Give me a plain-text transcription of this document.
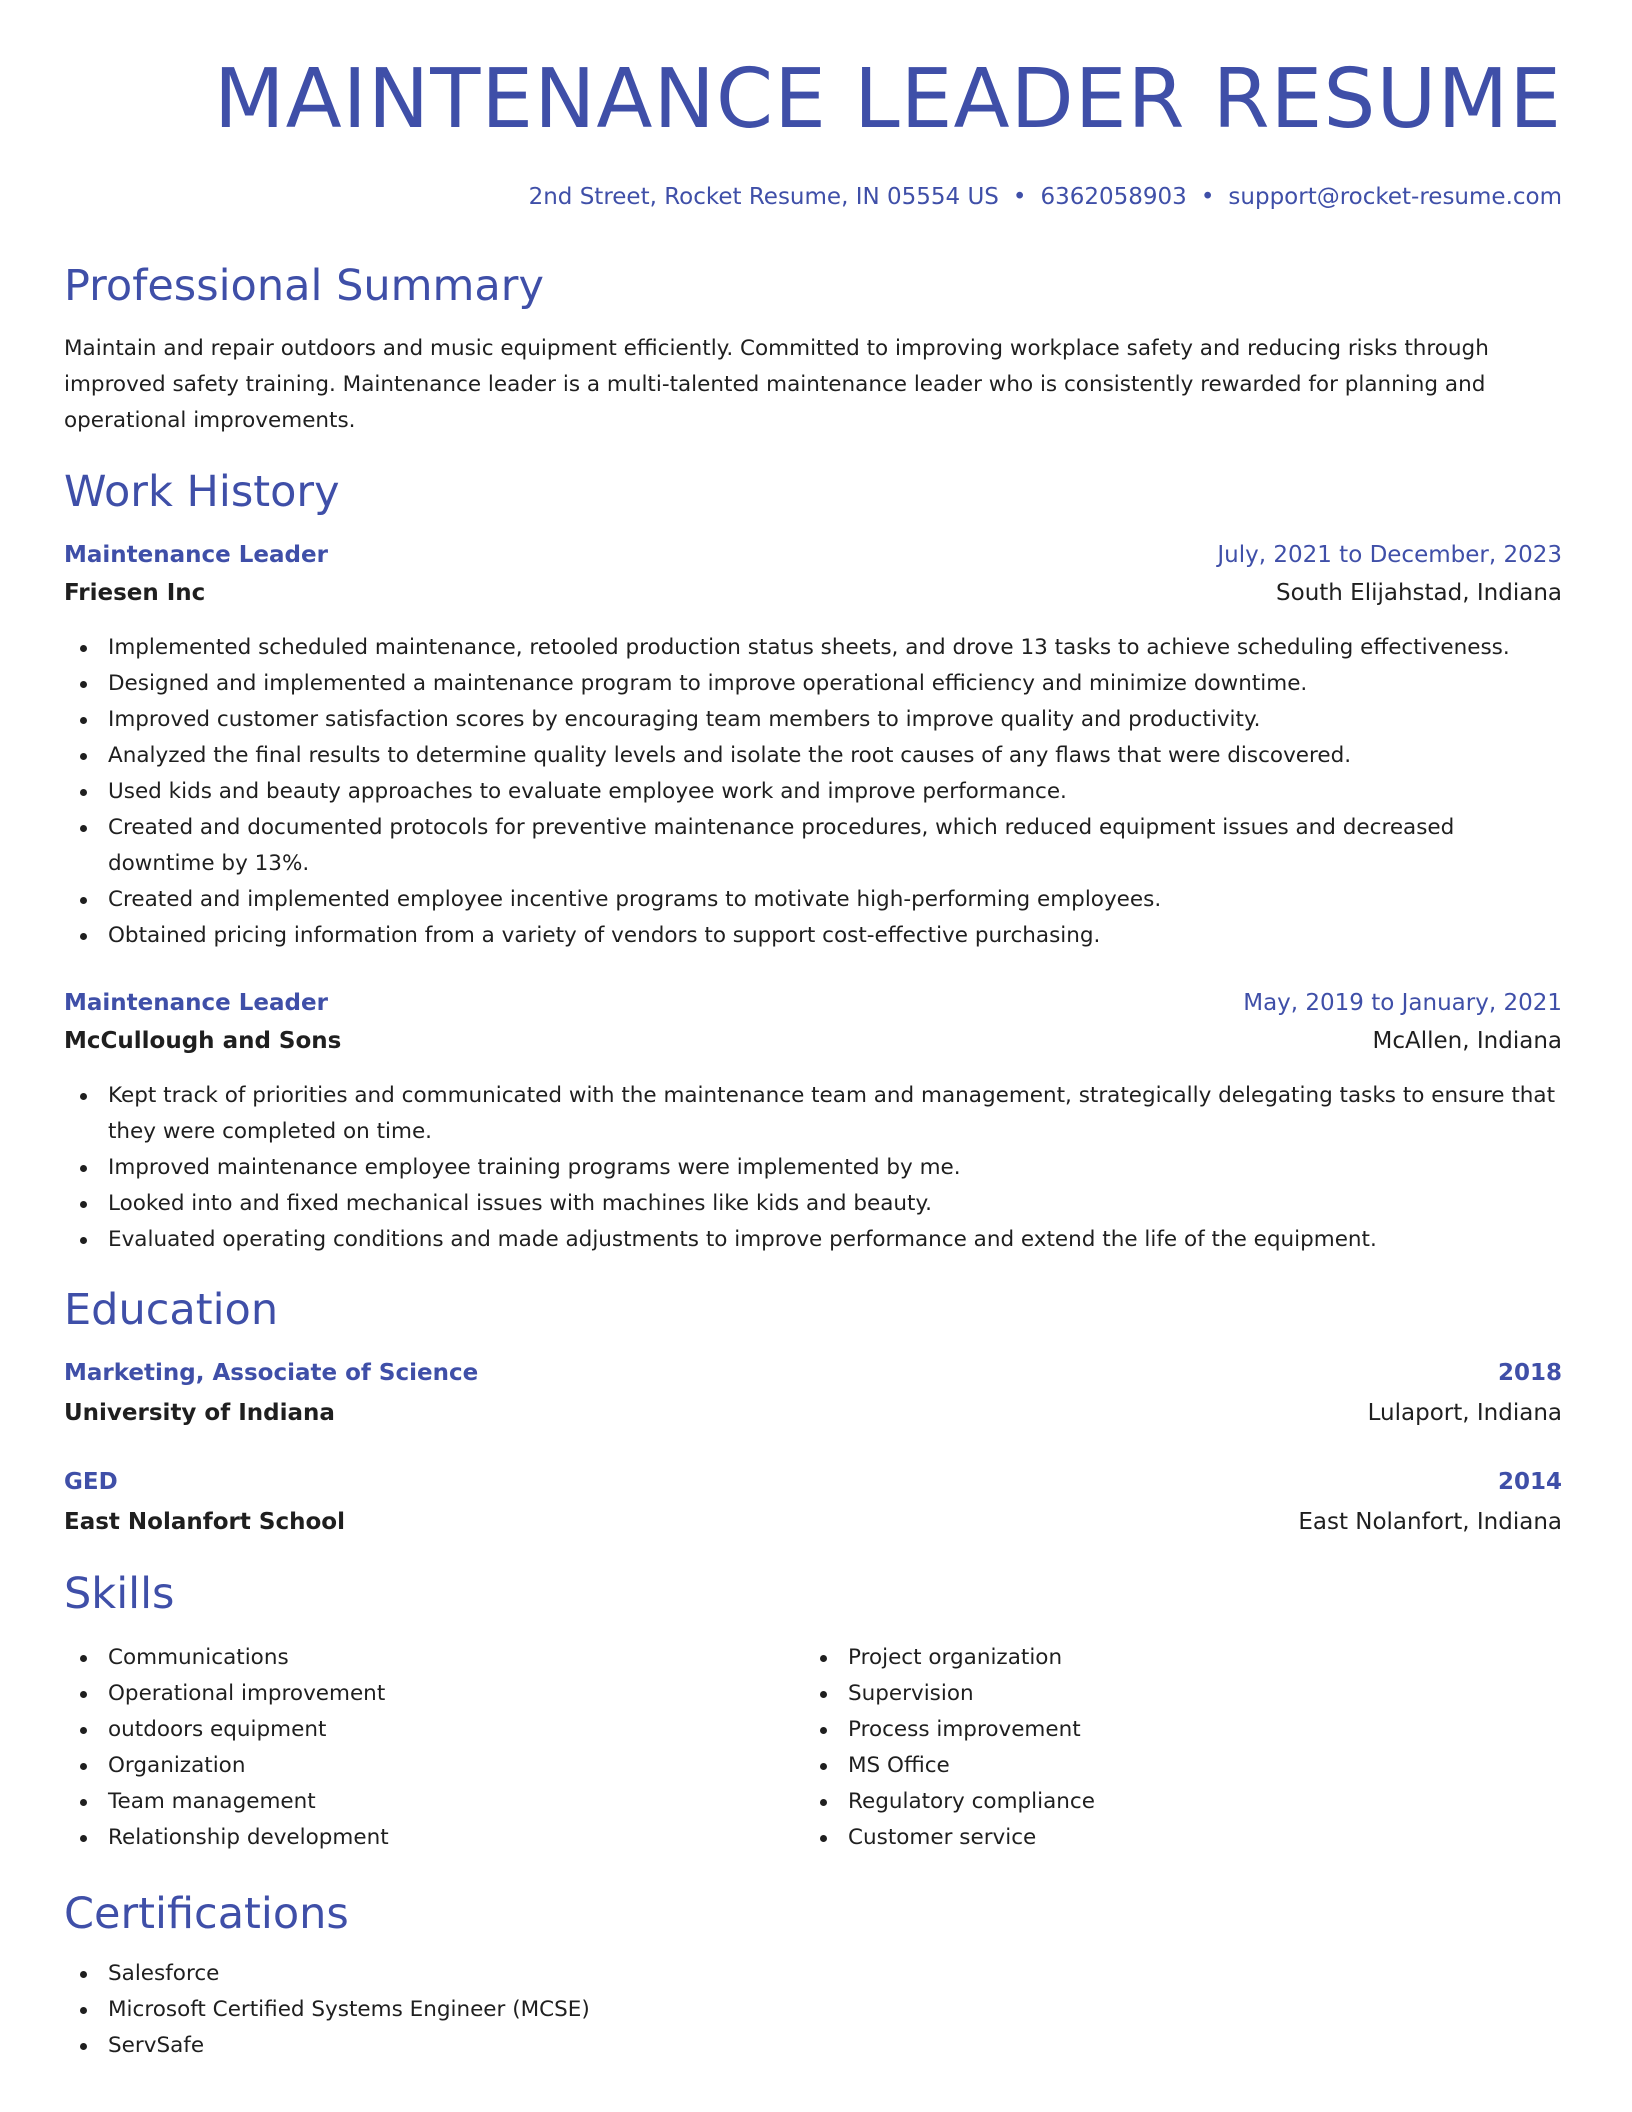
MAINTENANCE LEADER RESUME
2nd Street, Rocket Resume, IN 05554 US • 6362058903 • support@rocket-resume.com
Professional Summary
Maintain and repair outdoors and music equipment efficiently. Committed to improving workplace safety and reducing risks through improved safety training. Maintenance leader is a multi-talented maintenance leader who is consistently rewarded for planning and operational improvements.
Work History
Maintenance Leader	July, 2021 to December, 2023
Friesen Inc	South Elijahstad, Indiana
Implemented scheduled maintenance, retooled production status sheets, and drove 13 tasks to achieve scheduling effectiveness.
Designed and implemented a maintenance program to improve operational efficiency and minimize downtime.
Improved customer satisfaction scores by encouraging team members to improve quality and productivity.
Analyzed the final results to determine quality levels and isolate the root causes of any flaws that were discovered.
Used kids and beauty approaches to evaluate employee work and improve performance.
Created and documented protocols for preventive maintenance procedures, which reduced equipment issues and decreased downtime by 13%.
Created and implemented employee incentive programs to motivate high-performing employees.
Obtained pricing information from a variety of vendors to support cost-effective purchasing.
Maintenance Leader	May, 2019 to January, 2021
McCullough and Sons	McAllen, Indiana
Kept track of priorities and communicated with the maintenance team and management, strategically delegating tasks to ensure that they were completed on time.
Improved maintenance employee training programs were implemented by me.
Looked into and fixed mechanical issues with machines like kids and beauty.
Evaluated operating conditions and made adjustments to improve performance and extend the life of the equipment.
Education
Marketing, Associate of Science	2018
University of Indiana	Lulaport, Indiana
GED	2014
East Nolanfort School	East Nolanfort, Indiana
Skills
Communications
Operational improvement
outdoors equipment
Organization
Team management
Relationship development
Project organization
Supervision
Process improvement
MS Office
Regulatory compliance
Customer service
Certifications
Salesforce
Microsoft Certified Systems Engineer (MCSE)
ServSafe
